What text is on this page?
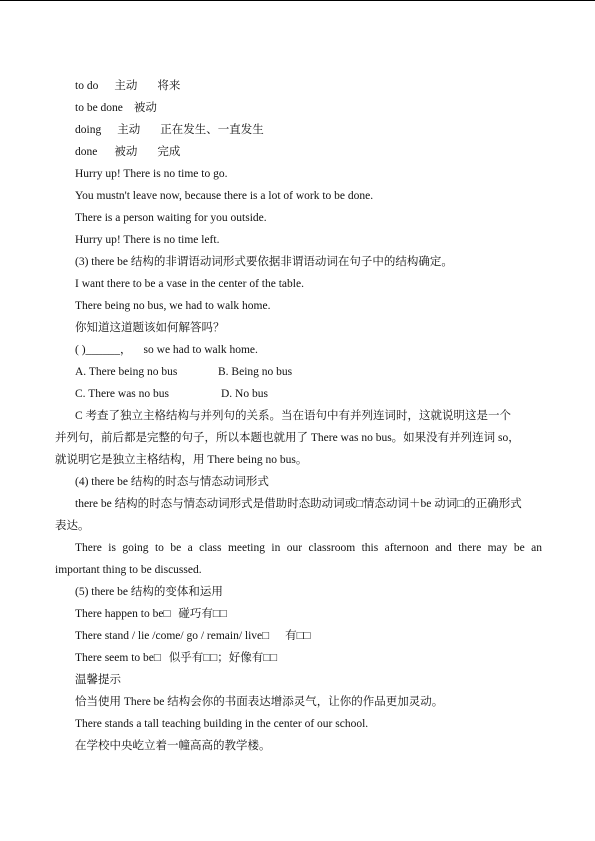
to do 主动 将来
to be done 被动
doing 主动 正在发生、一直发生
done 被动 完成
Hurry up! There is no time to go.
You mustn't leave now, because there is a lot of work to be done.
There is a person waiting for you outside.
Hurry up! There is no time left.
(3) there be 结构的非谓语动词形式要依据非谓语动词在句子中的结构确定。
I want there to be a vase in the center of the table.
There being no bus, we had to walk home.
你知道这道题该如何解答吗？
( )______， so we had to walk home.
A. There being no bus	B. Being no bus
C. There was no bus	D. No bus
C 考查了独立主格结构与并列句的关系。当在语句中有并列连词时，这就说明这是一个
并列句，前后都是完整的句子，所以本题也就用了 There was no bus。如果没有并列连词 so，
就说明它是独立主格结构，用 There being no bus。
(4) there be 结构的时态与情态动词形式
there be 结构的时态与情态动词形式是借助时态助动词或□情态动词＋be 动词□的正确形式
表达。
There is going to be a class meeting in our classroom this afternoon and there may be an
important thing to be discussed.
(5) there be 结构的变体和运用
There happen to be□ 碰巧有□□
There stand / lie /come/ go / remain/ live□ 有□□
There seem to be□ 似乎有□□；好像有□□
温馨提示
恰当使用 There be 结构会你的书面表达增添灵气，让你的作品更加灵动。
There stands a tall teaching building in the center of our school.
在学校中央屹立着一幢高高的教学楼。
